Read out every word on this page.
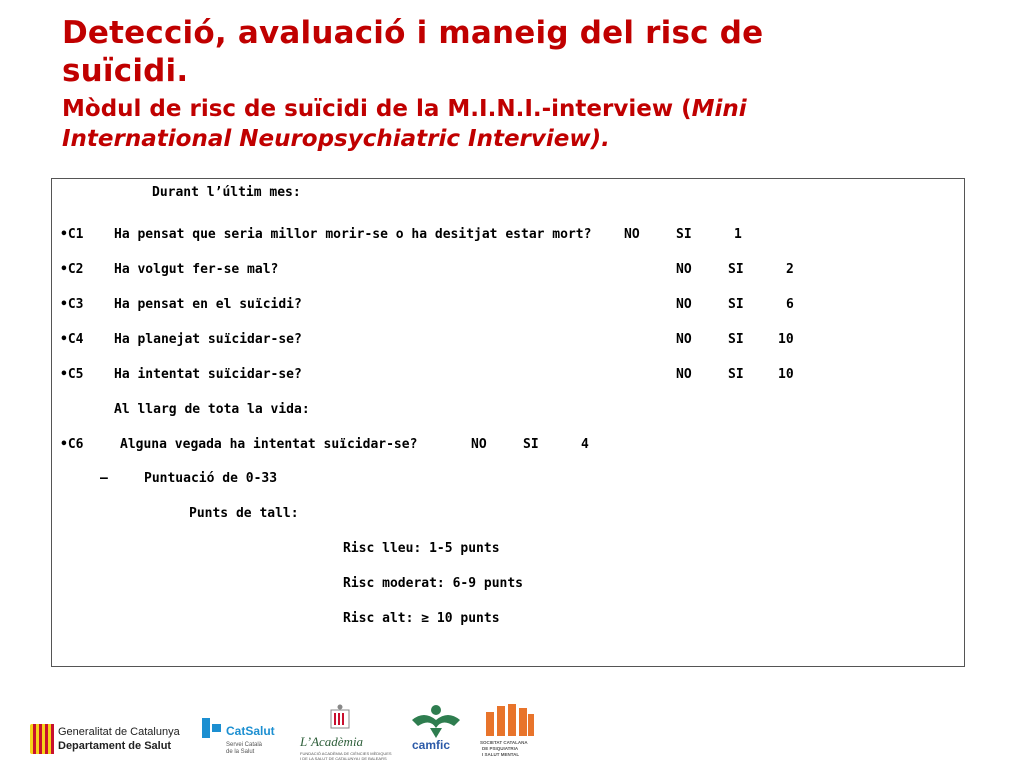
Detecció, avaluació i maneig del risc de
suïcidi.
Mòdul de risc de suïcidi de la M.I.N.I.-interview (Mini
International Neuropsychiatric Interview).
Durant l’últim mes:
•C1 Ha pensat que seria millor morir-se o ha desitjat estar mort?	NO	SI	1
•C2 Ha volgut fer-se mal?	NO	SI	2
•C3 Ha pensat en el suïcidi?	NO	SI	6
•C4 Ha planejat suïcidar-se?	NO	SI	10
•C5 Ha intentat suïcidar-se?	NO	SI	10
Al llarg de tota la vida:
•C6	Alguna vegada ha intentat suïcidar-se?	NO	SI	4
–	Puntuació de 0-33
Punts de tall:
Risc lleu: 1-5 punts
Risc moderat: 6-9 punts
Risc alt: ≥ 10 punts
Generalitat de Catalunya
Departament de Salut
CatSalut
Servei Català
de la Salut
L’Acadèmia
FUNDACIÓ ACADÈMIA DE CIÈNCIES MÈDIQUES
I DE LA SALUT DE CATALUNYA I DE BALEARS
camfic	SOCIETAT CATALANA
DE PSIQUIATRIA
I SALUT MENTAL
